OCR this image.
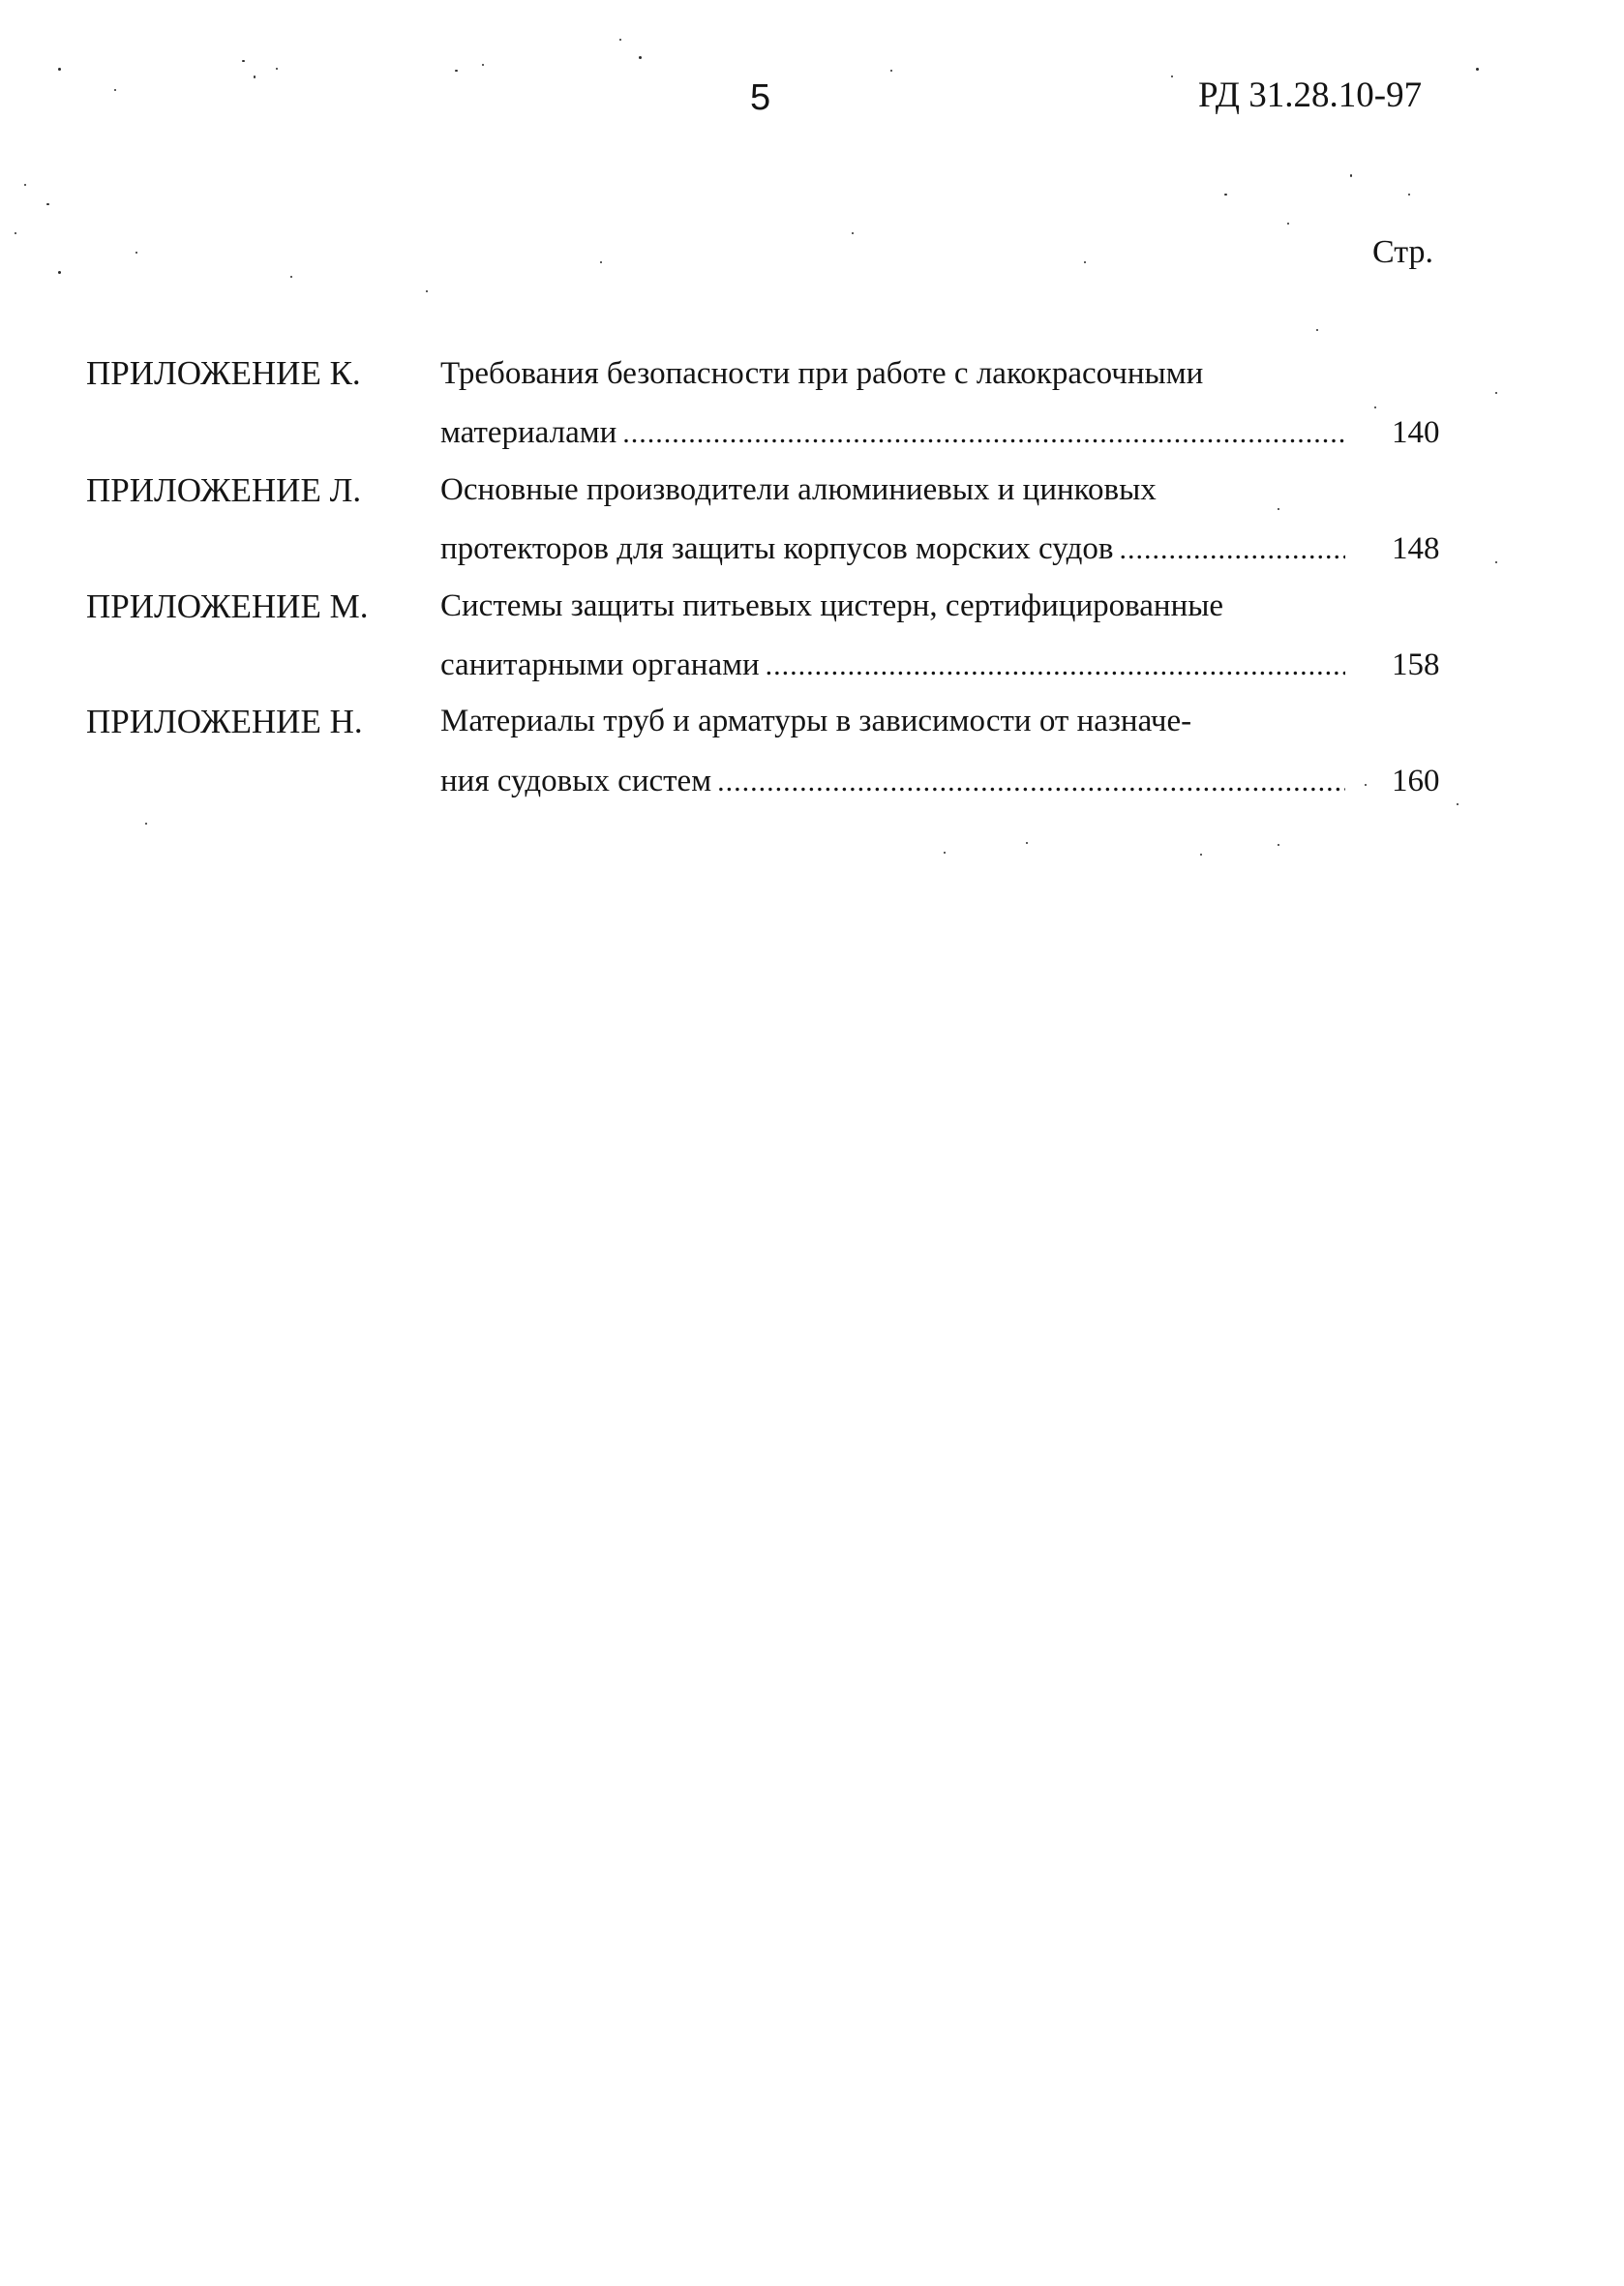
5	РД 31.28.10-97
Стр.
ПРИЛОЖЕНИЕ К. Требования безопасности при работе с лакокрасочными
материалами .....	140
ПРИЛОЖЕНИЕ Л. Основные производители алюминиевых и цинковых
протекторов для защиты корпусов морских судов .....	148
ПРИЛОЖЕНИЕ М. Системы защиты питьевых цистерн, сертифицированные
санитарными органами .....	158
ПРИЛОЖЕНИЕ Н. Материалы труб и арматуры в зависимости от назначе-
ния судовых систем .....	160
